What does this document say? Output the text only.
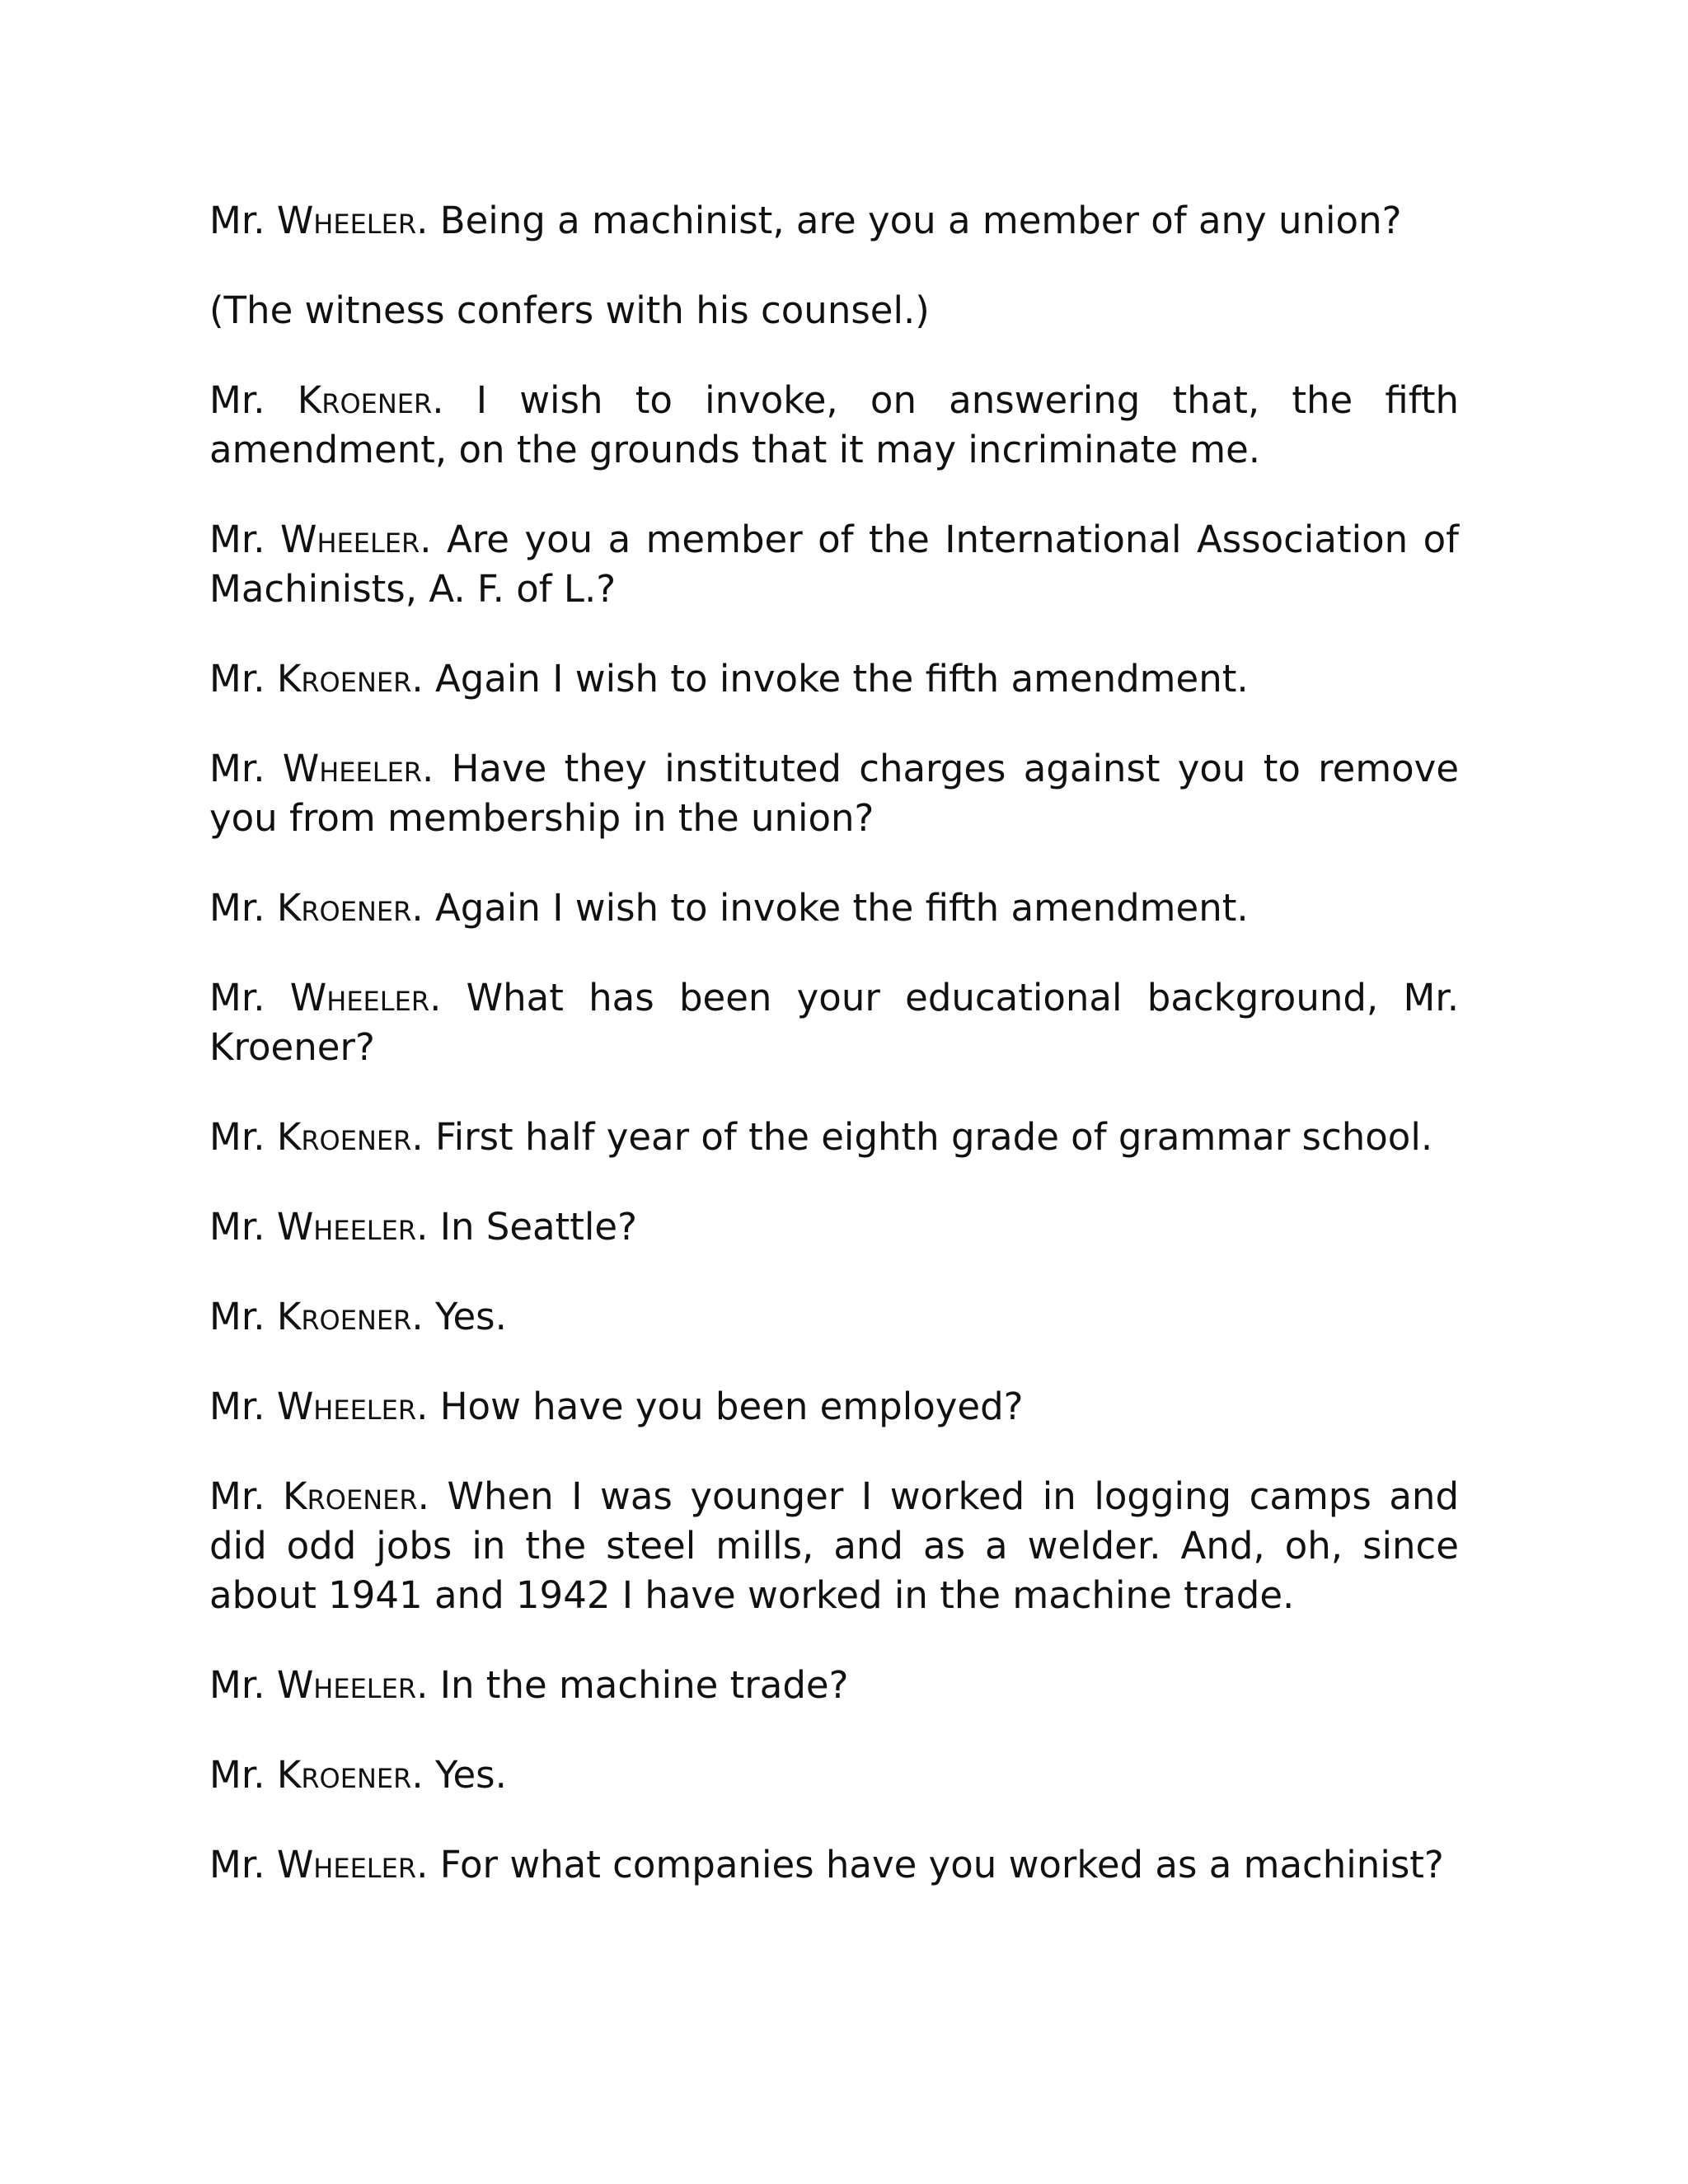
Mr. Wheeler. Being a machinist, are you a member of any union?

(The witness confers with his counsel.)

Mr. Kroener. I wish to invoke, on answering that, the fifth amendment, on the grounds that it may incriminate me.

Mr. Wheeler. Are you a member of the International Association of Machinists, A. F. of L.?

Mr. Kroener. Again I wish to invoke the fifth amendment.

Mr. Wheeler. Have they instituted charges against you to remove you from membership in the union?

Mr. Kroener. Again I wish to invoke the fifth amendment.

Mr. Wheeler. What has been your educational background, Mr. Kroener?

Mr. Kroener. First half year of the eighth grade of grammar school.

Mr. Wheeler. In Seattle?

Mr. Kroener. Yes.

Mr. Wheeler. How have you been employed?

Mr. Kroener. When I was younger I worked in logging camps and did odd jobs in the steel mills, and as a welder. And, oh, since about 1941 and 1942 I have worked in the machine trade.

Mr. Wheeler. In the machine trade?

Mr. Kroener. Yes.

Mr. Wheeler. For what companies have you worked as a machinist?
